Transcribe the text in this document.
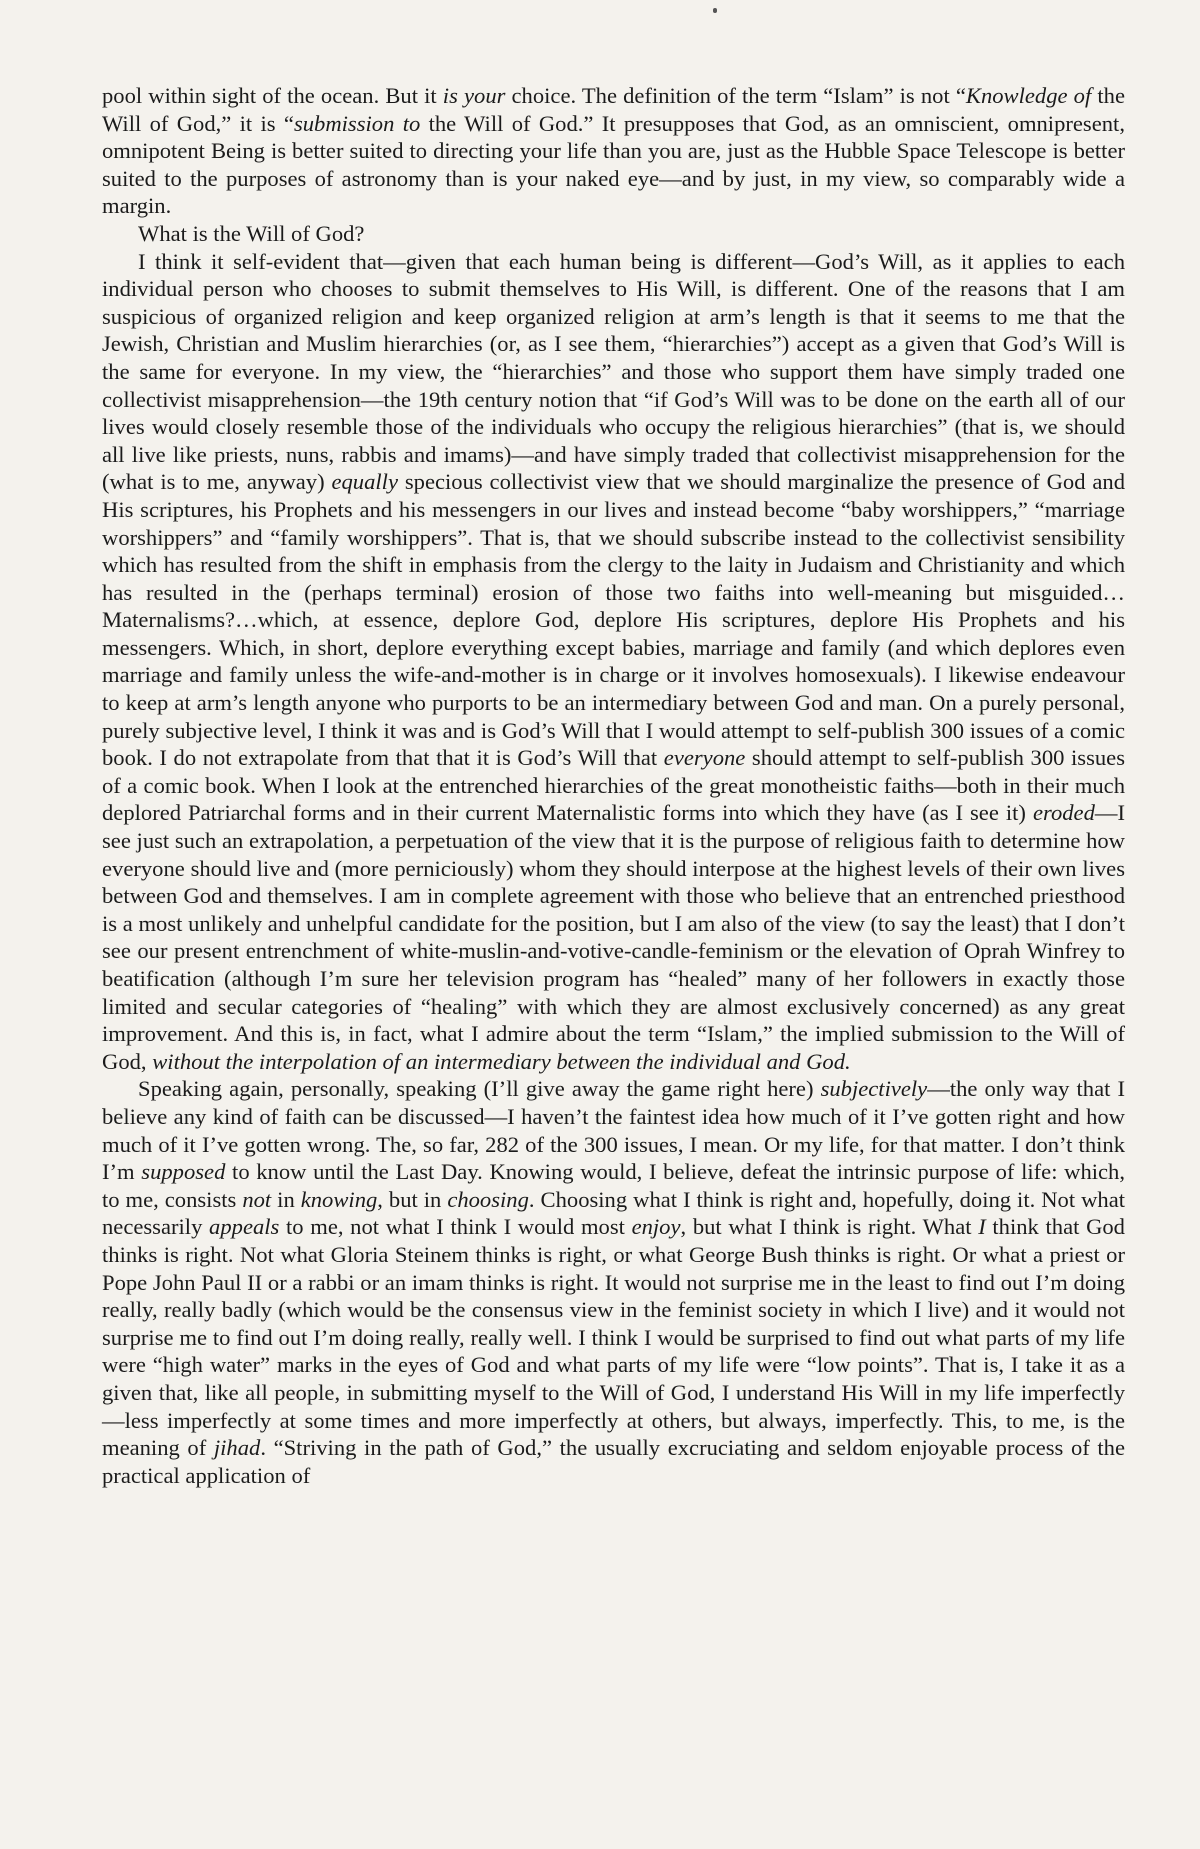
pool within sight of the ocean. But it is your choice. The definition of the term “Islam” is not “Knowledge of the Will of God,” it is “submission to the Will of God.” It presupposes that God, as an omniscient, omnipresent, omnipotent Being is better suited to directing your life than you are, just as the Hubble Space Telescope is better suited to the purposes of astronomy than is your naked eye—and by just, in my view, so comparably wide a margin.

What is the Will of God?

I think it self-evident that—given that each human being is different—God’s Will, as it applies to each individual person who chooses to submit themselves to His Will, is different. One of the reasons that I am suspicious of organized religion and keep organized religion at arm’s length is that it seems to me that the Jewish, Christian and Muslim hierarchies (or, as I see them, “hierarchies”) accept as a given that God’s Will is the same for everyone. In my view, the “hierarchies” and those who support them have simply traded one collectivist misapprehension—the 19th century notion that “if God’s Will was to be done on the earth all of our lives would closely resemble those of the individuals who occupy the religious hierarchies” (that is, we should all live like priests, nuns, rabbis and imams)—and have simply traded that collectivist misapprehension for the (what is to me, anyway) equally specious collectivist view that we should marginalize the presence of God and His scriptures, his Prophets and his messengers in our lives and instead become “baby worshippers,” “marriage worshippers” and “family worshippers”. That is, that we should subscribe instead to the collectivist sensibility which has resulted from the shift in emphasis from the clergy to the laity in Judaism and Christianity and which has resulted in the (perhaps terminal) erosion of those two faiths into well-meaning but misguided…Maternalisms?…which, at essence, deplore God, deplore His scriptures, deplore His Prophets and his messengers. Which, in short, deplore everything except babies, marriage and family (and which deplores even marriage and family unless the wife-and-mother is in charge or it involves homosexuals). I likewise endeavour to keep at arm’s length anyone who purports to be an intermediary between God and man. On a purely personal, purely subjective level, I think it was and is God’s Will that I would attempt to self-publish 300 issues of a comic book. I do not extrapolate from that that it is God’s Will that everyone should attempt to self-publish 300 issues of a comic book. When I look at the entrenched hierarchies of the great monotheistic faiths—both in their much deplored Patriarchal forms and in their current Maternalistic forms into which they have (as I see it) eroded—I see just such an extrapolation, a perpetuation of the view that it is the purpose of religious faith to determine how everyone should live and (more perniciously) whom they should interpose at the highest levels of their own lives between God and themselves. I am in complete agreement with those who believe that an entrenched priesthood is a most unlikely and unhelpful candidate for the position, but I am also of the view (to say the least) that I don’t see our present entrenchment of white-muslin-and-votive-candle-feminism or the elevation of Oprah Winfrey to beatification (although I’m sure her television program has “healed” many of her followers in exactly those limited and secular categories of “healing” with which they are almost exclusively concerned) as any great improvement. And this is, in fact, what I admire about the term “Islam,” the implied submission to the Will of God, without the interpolation of an intermediary between the individual and God.

Speaking again, personally, speaking (I’ll give away the game right here) subjectively—the only way that I believe any kind of faith can be discussed—I haven’t the faintest idea how much of it I’ve gotten right and how much of it I’ve gotten wrong. The, so far, 282 of the 300 issues, I mean. Or my life, for that matter. I don’t think I’m supposed to know until the Last Day. Knowing would, I believe, defeat the intrinsic purpose of life: which, to me, consists not in knowing, but in choosing. Choosing what I think is right and, hopefully, doing it. Not what necessarily appeals to me, not what I think I would most enjoy, but what I think is right. What I think that God thinks is right. Not what Gloria Steinem thinks is right, or what George Bush thinks is right. Or what a priest or Pope John Paul II or a rabbi or an imam thinks is right. It would not surprise me in the least to find out I’m doing really, really badly (which would be the consensus view in the feminist society in which I live) and it would not surprise me to find out I’m doing really, really well. I think I would be surprised to find out what parts of my life were “high water” marks in the eyes of God and what parts of my life were “low points”. That is, I take it as a given that, like all people, in submitting myself to the Will of God, I understand His Will in my life imperfectly—less imperfectly at some times and more imperfectly at others, but always, imperfectly. This, to me, is the meaning of jihad. “Striving in the path of God,” the usually excruciating and seldom enjoyable process of the practical application of
